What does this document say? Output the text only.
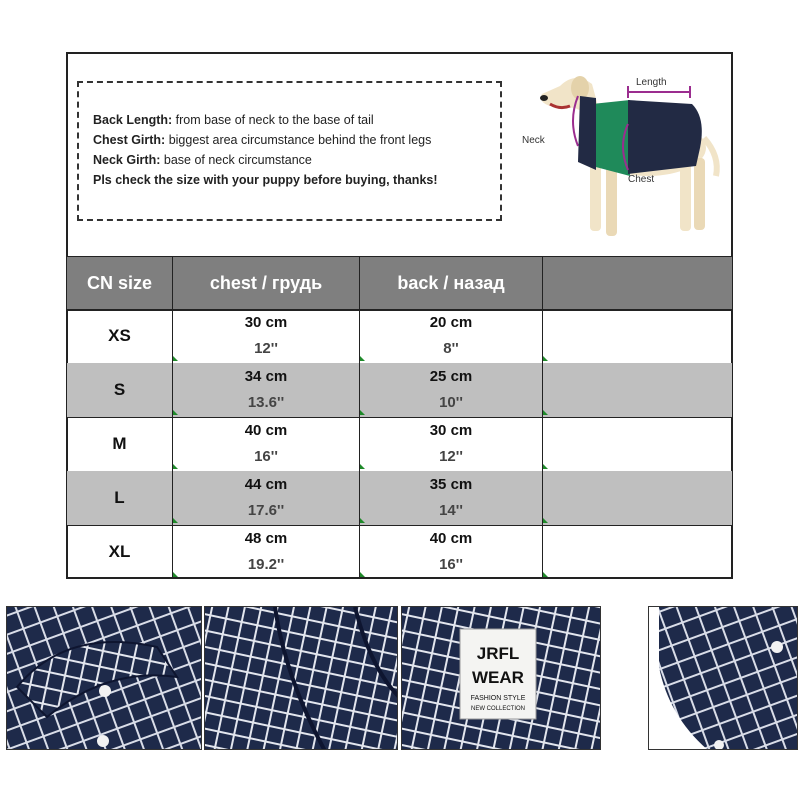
Back Length: from base of neck to the base of tail
Chest Girth: biggest area circumstance behind the front legs
Neck Girth: base of neck circumstance
Pls check the size with your puppy before buying, thanks!
Length
Neck
Chest
CN size	chest / грудь	back / назад
XS
30 cm
12''
20 cm
8''
S
34 cm
13.6''
25 cm
10''
M
40 cm
16''
30 cm
12''
L
44 cm
17.6''
35 cm
14''
XL
48 cm
19.2''
40 cm
16''
JRFL
WEAR
FASHION STYLE
NEW COLLECTION
